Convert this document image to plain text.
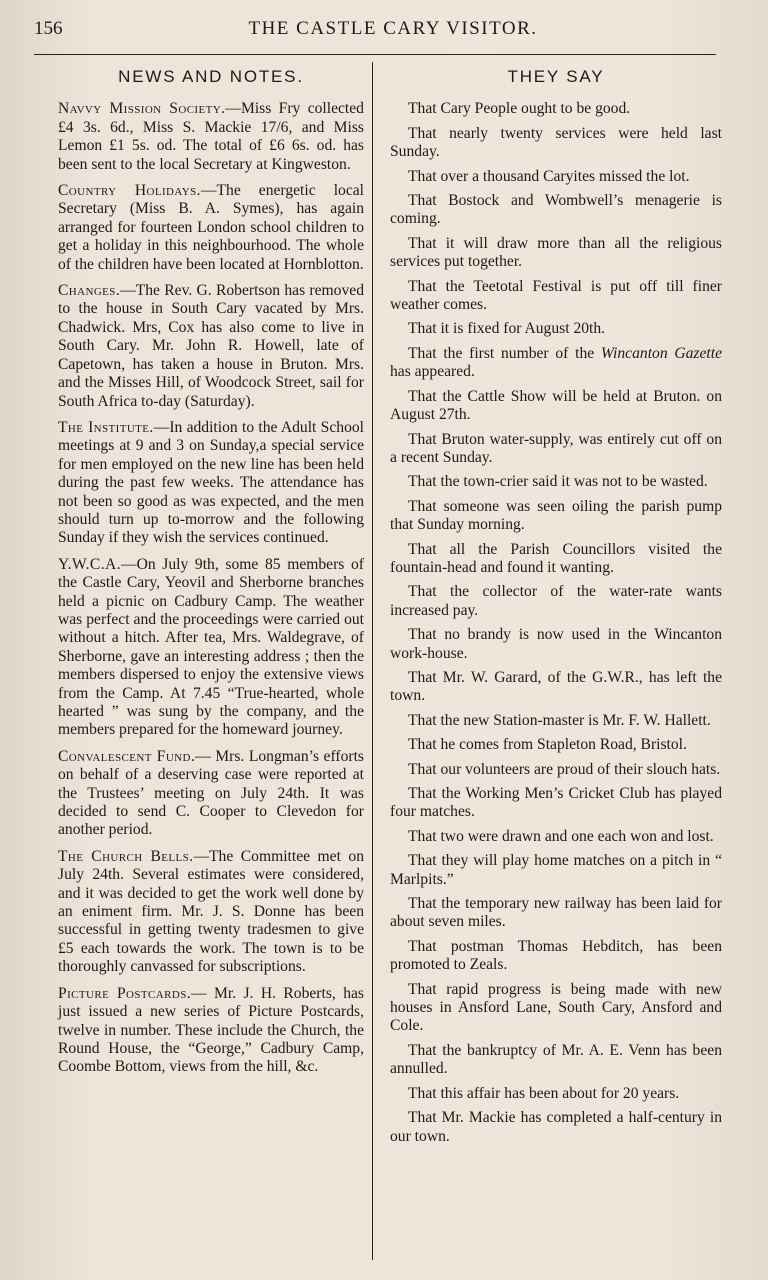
156	THE CASTLE CARY VISITOR.
NEWS AND NOTES.

Navvy Mission Society.—Miss Fry collected £4 3s. 6d., Miss S. Mackie 17/6, and Miss Lemon £1 5s. od. The total of £6 6s. od. has been sent to the local Secretary at Kingweston.

Country Holidays.—The energetic local Secretary (Miss B. A. Symes), has again arranged for fourteen London school children to get a holiday in this neighbourhood. The whole of the children have been located at Hornblotton.

Changes.—The Rev. G. Robertson has removed to the house in South Cary vacated by Mrs. Chadwick. Mrs, Cox has also come to live in South Cary. Mr. John R. Howell, late of Capetown, has taken a house in Bruton. Mrs. and the Misses Hill, of Woodcock Street, sail for South Africa to-day (Saturday).

The Institute.—In addition to the Adult School meetings at 9 and 3 on Sunday,a special service for men employed on the new line has been held during the past few weeks. The attendance has not been so good as was expected, and the men should turn up to-morrow and the following Sunday if they wish the services continued.

Y.W.C.A.—On July 9th, some 85 members of the Castle Cary, Yeovil and Sherborne branches held a picnic on Cadbury Camp. The weather was perfect and the proceedings were carried out without a hitch. After tea, Mrs. Waldegrave, of Sherborne, gave an interesting address ; then the members dispersed to enjoy the extensive views from the Camp. At 7.45 “True-hearted, whole hearted ” was sung by the company, and the members prepared for the homeward journey.

Convalescent Fund.— Mrs. Longman’s efforts on behalf of a deserving case were reported at the Trustees’ meeting on July 24th. It was decided to send C. Cooper to Clevedon for another period.

The Church Bells.—The Committee met on July 24th. Several estimates were considered, and it was decided to get the work well done by an eniment firm. Mr. J. S. Donne has been successful in getting twenty tradesmen to give £5 each towards the work. The town is to be thoroughly canvassed for subscriptions.

Picture Postcards.— Mr. J. H. Roberts, has just issued a new series of Picture Postcards, twelve in number. These include the Church, the Round House, the “George,” Cadbury Camp, Coombe Bottom, views from the hill, &c.

THEY SAY

That Cary People ought to be good.

That nearly twenty services were held last Sunday.

That over a thousand Caryites missed the lot.

That Bostock and Wombwell’s menagerie is coming.

That it will draw more than all the religious services put together.

That the Teetotal Festival is put off till finer weather comes.

That it is fixed for August 20th.

That the first number of the Wincanton Gazette has appeared.

That the Cattle Show will be held at Bruton. on August 27th.

That Bruton water-supply, was entirely cut off on a recent Sunday.

That the town-crier said it was not to be wasted.

That someone was seen oiling the parish pump that Sunday morning.

That all the Parish Councillors visited the fountain-head and found it wanting.

That the collector of the water-rate wants increased pay.

That no brandy is now used in the Wincanton work-house.

That Mr. W. Garard, of the G.W.R., has left the town.

That the new Station-master is Mr. F. W. Hallett.

That he comes from Stapleton Road, Bristol.

That our volunteers are proud of their slouch hats.

That the Working Men’s Cricket Club has played four matches.

That two were drawn and one each won and lost.

That they will play home matches on a pitch in “ Marlpits.”

That the temporary new railway has been laid for about seven miles.

That postman Thomas Hebditch, has been promoted to Zeals.

That rapid progress is being made with new houses in Ansford Lane, South Cary, Ansford and Cole.

That the bankruptcy of Mr. A. E. Venn has been annulled.

That this affair has been about for 20 years.

That Mr. Mackie has completed a half-century in our town.
